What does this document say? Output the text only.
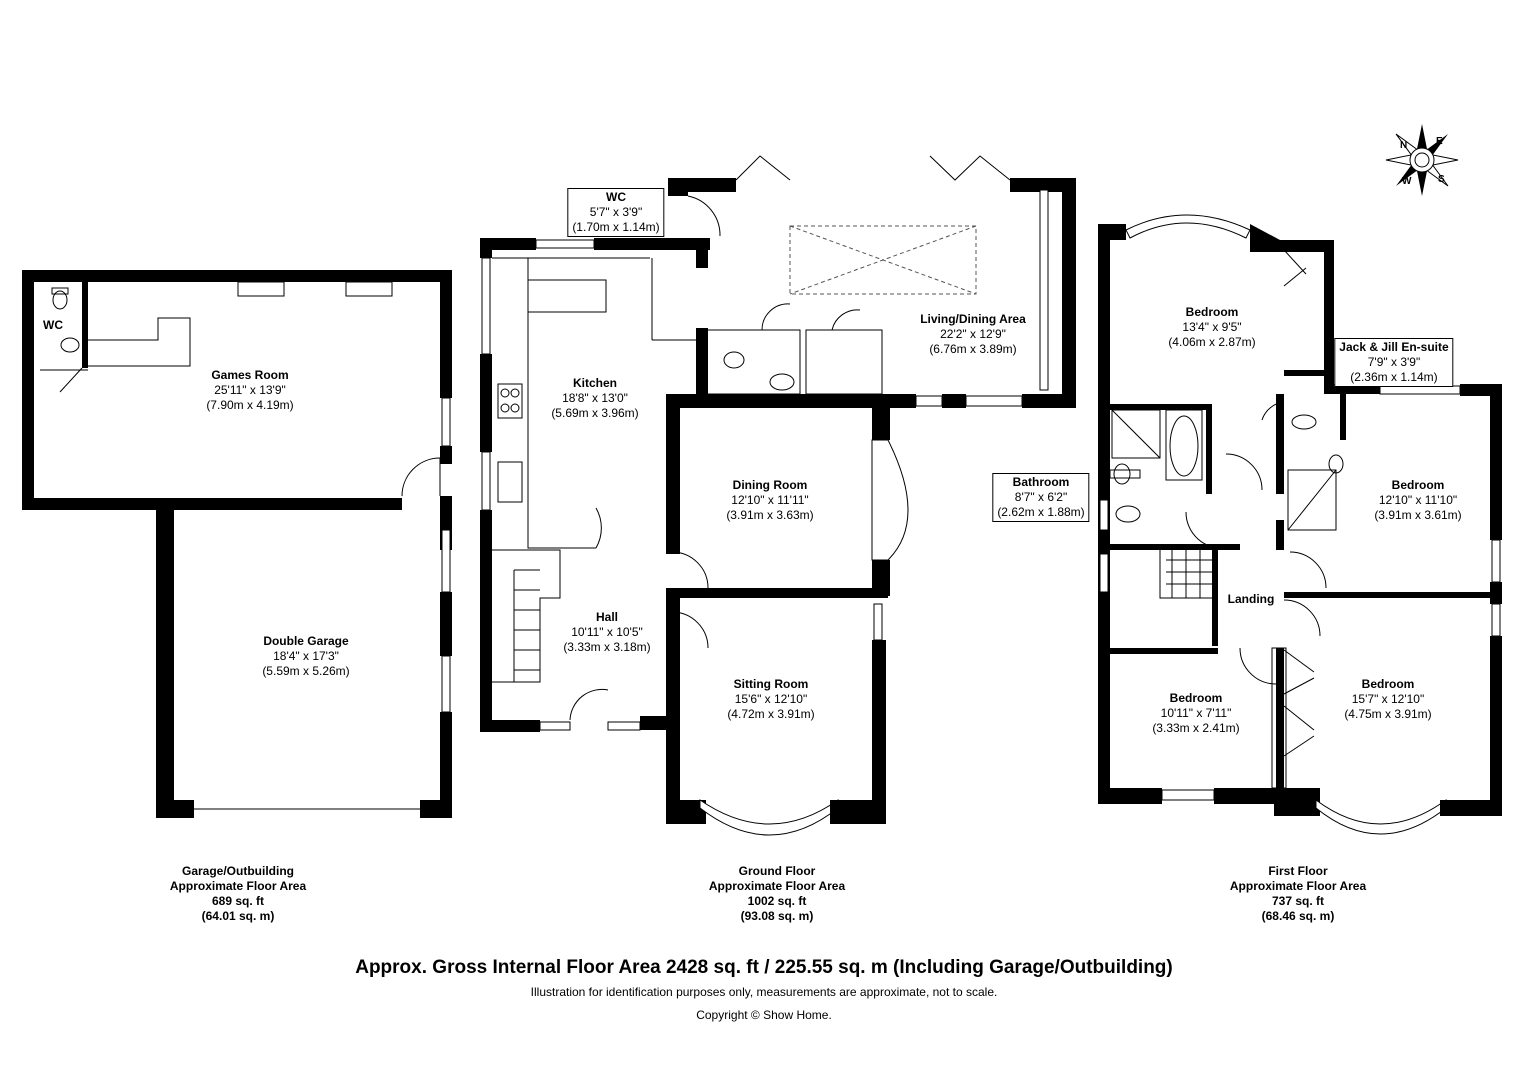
N	E
S
W
WC
Games Room
25'11" x 13'9"
(7.90m x 4.19m)
Double Garage
18'4" x 17'3"
(5.59m x 5.26m)
WC
5'7" x 3'9"
(1.70m x 1.14m)
Kitchen
18'8" x 13'0"
(5.69m x 3.96m)
Living/Dining Area
22'2" x 12'9"
(6.76m x 3.89m)
Dining Room
12'10" x 11'11"
(3.91m x 3.63m)
Hall
10'11" x 10'5"
(3.33m x 3.18m)
Sitting Room
15'6" x 12'10"
(4.72m x 3.91m)
Bedroom
13'4" x 9'5"
(4.06m x 2.87m)	Jack & Jill En-suite
7'9" x 3'9"
(2.36m x 1.14m)
Bathroom
8'7" x 6'2"
(2.62m x 1.88m)
Bedroom
12'10" x 11'10"
(3.91m x 3.61m)
Landing
Bedroom
10'11" x 7'11"
(3.33m x 2.41m)
Bedroom
15'7" x 12'10"
(4.75m x 3.91m)
Garage/Outbuilding
Approximate Floor Area
689 sq. ft
(64.01 sq. m)
Ground Floor
Approximate Floor Area
1002 sq. ft
(93.08 sq. m)
First Floor
Approximate Floor Area
737 sq. ft
(68.46 sq. m)
Approx. Gross Internal Floor Area 2428 sq. ft / 225.55 sq. m (Including Garage/Outbuilding)
Illustration for identification purposes only, measurements are approximate, not to scale.
Copyright © Show Home.
